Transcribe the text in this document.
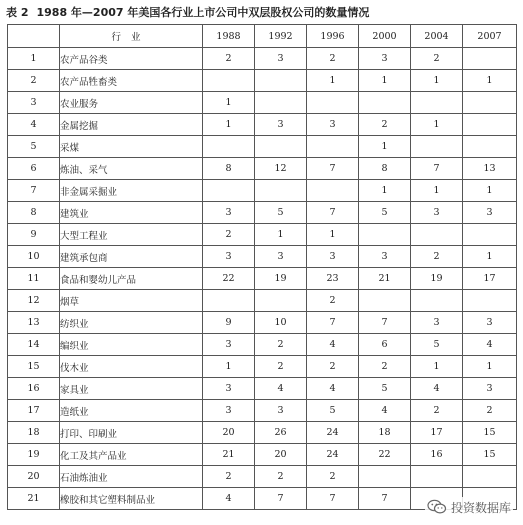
表 2 1988 年—2007 年美国各行业上市公司中双层股权公司的数量情况
	行业	1988	1992	1996	2000	2004	2007
1	农产品谷类	2	3	2	3	2	
2	农产品牲畜类			1	1	1	1
3	农业服务	1					
4	金属挖掘	1	3	3	2	1	
5	采煤				1		
6	炼油、采气	8	12	7	8	7	13
7	非金属采掘业				1	1	1
8	建筑业	3	5	7	5	3	3
9	大型工程业	2	1	1			
10	建筑承包商	3	3	3	3	2	1
11	食品和婴幼儿产品	22	19	23	21	19	17
12	烟草			2			
13	纺织业	9	10	7	7	3	3
14	编织业	3	2	4	6	5	4
15	伐木业	1	2	2	2	1	1
16	家具业	3	4	4	5	4	3
17	造纸业	3	3	5	4	2	2
18	打印、印刷业	20	26	24	18	17	15
19	化工及其产品业	21	20	24	22	16	15
20	石油炼油业	2	2	2			
21	橡胶和其它塑料制品业	4	7	7	7		
投资数据库
